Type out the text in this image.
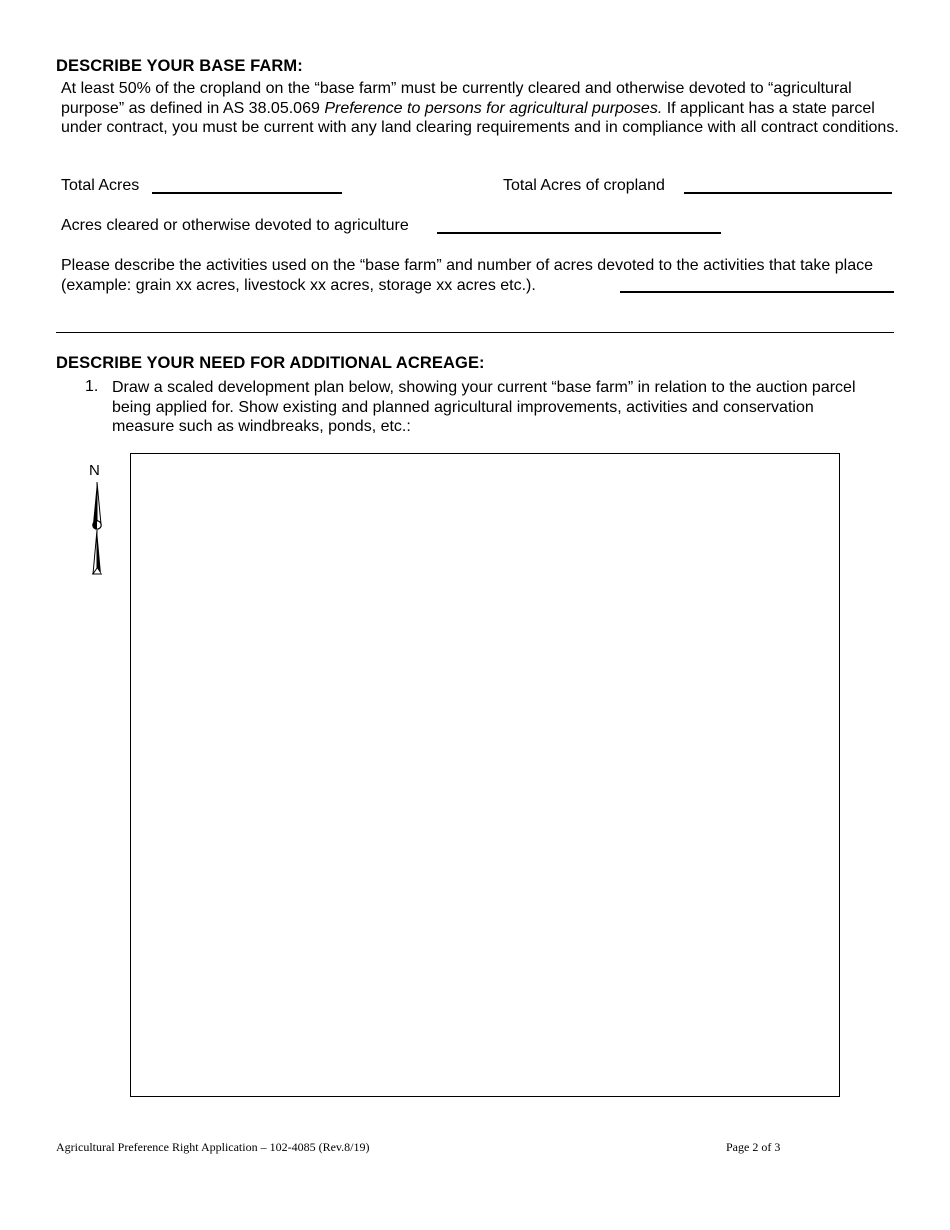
DESCRIBE YOUR BASE FARM:
At least 50% of the cropland on the “base farm” must be currently cleared and otherwise devoted to “agricultural purpose” as defined in AS 38.05.069 Preference to persons for agricultural purposes. If applicant has a state parcel under contract, you must be current with any land clearing requirements and in compliance with all contract conditions.
Total Acres	Total Acres of cropland
Acres cleared or otherwise devoted to agriculture
Please describe the activities used on the “base farm” and number of acres devoted to the activities that take place (example: grain xx acres, livestock xx acres, storage xx acres etc.).
DESCRIBE YOUR NEED FOR ADDITIONAL ACREAGE:
1. Draw a scaled development plan below, showing your current “base farm” in relation to the auction parcel being applied for. Show existing and planned agricultural improvements, activities and conservation measure such as windbreaks, ponds, etc.:
N
Agricultural Preference Right Application – 102-4085 (Rev.8/19)	Page 2 of 3
